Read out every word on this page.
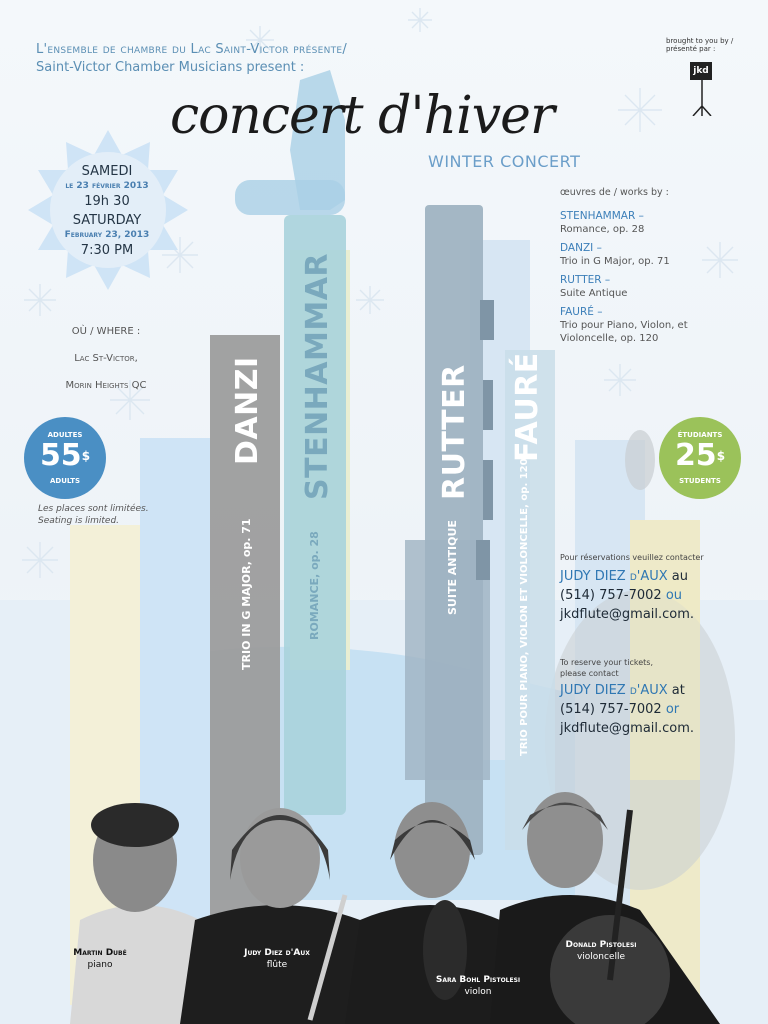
L'ensemble de chambre du Lac Saint-Victor présente/
Saint-Victor Chamber Musicians present :
brought to you by /
présenté par :
jkd
concert d'hiver
WINTER CONCERT
SAMEDI
le 23 février 2013
19h 30
SATURDAY
February 23, 2013
7:30 PM
OÙ / WHERE :
Lac St-Victor,
Morin Heights QC
ADULTES
55$
ADULTS
Les places sont limitées.
Seating is limited.
ÉTUDIANTS
25$
STUDENTS
œuvres de / works by :
STENHAMMAR –
Romance, op. 28
DANZI –
Trio in G Major, op. 71
RUTTER –
Suite Antique
FAURÉ –
Trio pour Piano, Violon, et Violoncelle, op. 120
DANZI
TRIO IN G MAJOR, op. 71
STENHAMMAR
ROMANCE, op. 28
RUTTER
SUITE ANTIQUE
FAURÉ
TRIO POUR PIANO, VIOLON ET VIOLONCELLE, op. 120	Pour réservations veuillez contacter
JUDY DIEZ d'AUX au
(514) 757-7002 ou
jkdflute@gmail.com.
To reserve your tickets,
please contact
JUDY DIEZ d'AUX at
(514) 757-7002 or
jkdflute@gmail.com.
Martin Dubé
piano
Judy Diez d'Aux
flûte
Sara Bohl Pistolesi
violon
Donald Pistolesi
violoncelle
